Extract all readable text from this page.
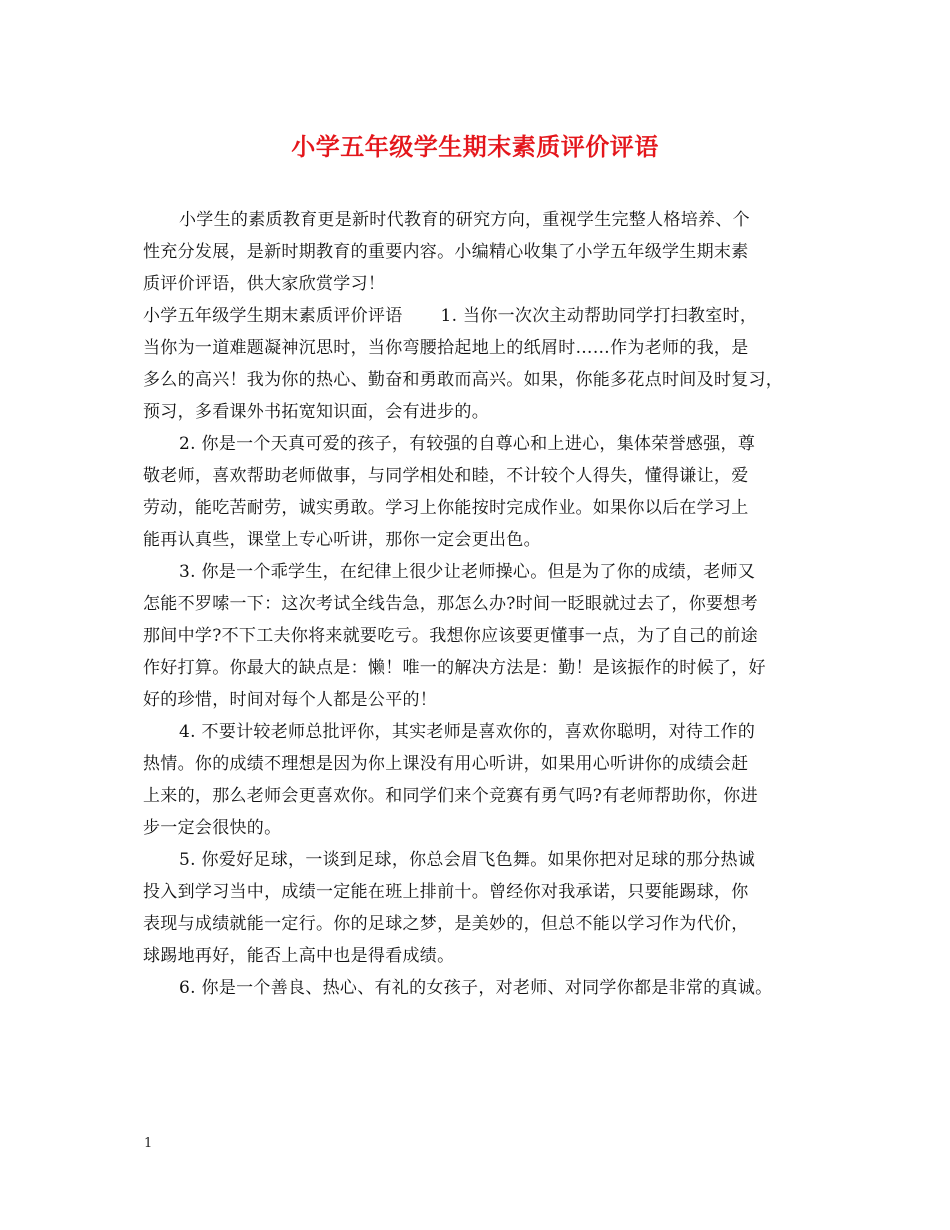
小学五年级学生期末素质评价评语

小学生的素质教育更是新时代教育的研究方向，重视学生完整人格培养、个
性充分发展，是新时期教育的重要内容。小编精心收集了小学五年级学生期末素
质评价评语，供大家欣赏学习！

小学五年级学生期末素质评价评语 1. 当你一次次主动帮助同学打扫教室时，
当你为一道难题凝神沉思时，当你弯腰拾起地上的纸屑时……作为老师的我，是
多么的高兴！我为你的热心、勤奋和勇敢而高兴。如果，你能多花点时间及时复习，
预习，多看课外书拓宽知识面，会有进步的。

2. 你是一个天真可爱的孩子，有较强的自尊心和上进心，集体荣誉感强，尊
敬老师，喜欢帮助老师做事，与同学相处和睦，不计较个人得失，懂得谦让，爱
劳动，能吃苦耐劳，诚实勇敢。学习上你能按时完成作业。如果你以后在学习上
能再认真些，课堂上专心听讲，那你一定会更出色。

3. 你是一个乖学生，在纪律上很少让老师操心。但是为了你的成绩，老师又
怎能不罗嗦一下：这次考试全线告急，那怎么办?时间一眨眼就过去了，你要想考
那间中学?不下工夫你将来就要吃亏。我想你应该要更懂事一点，为了自己的前途
作好打算。你最大的缺点是：懒！唯一的解决方法是：勤！是该振作的时候了，好
好的珍惜，时间对每个人都是公平的！

4. 不要计较老师总批评你，其实老师是喜欢你的，喜欢你聪明，对待工作的
热情。你的成绩不理想是因为你上课没有用心听讲，如果用心听讲你的成绩会赶
上来的，那么老师会更喜欢你。和同学们来个竞赛有勇气吗?有老师帮助你，你进
步一定会很快的。

5. 你爱好足球，一谈到足球，你总会眉飞色舞。如果你把对足球的那分热诚
投入到学习当中，成绩一定能在班上排前十。曾经你对我承诺，只要能踢球，你
表现与成绩就能一定行。你的足球之梦，是美妙的，但总不能以学习作为代价，
球踢地再好，能否上高中也是得看成绩。

6. 你是一个善良、热心、有礼的女孩子，对老师、对同学你都是非常的真诚。

1
